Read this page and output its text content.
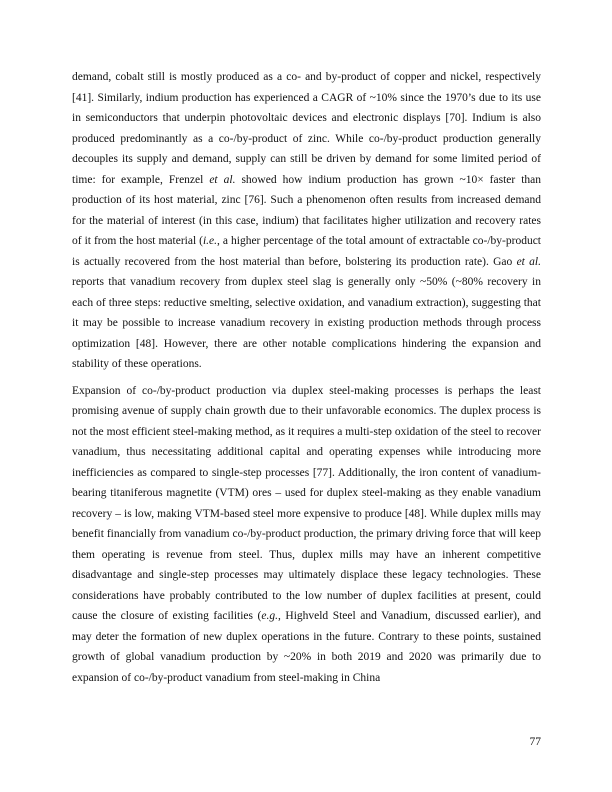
demand, cobalt still is mostly produced as a co- and by-product of copper and nickel, respectively [41]. Similarly, indium production has experienced a CAGR of ~10% since the 1970’s due to its use in semiconductors that underpin photovoltaic devices and electronic displays [70]. Indium is also produced predominantly as a co-/by-product of zinc. While co-/by-product production generally decouples its supply and demand, supply can still be driven by demand for some limited period of time: for example, Frenzel et al. showed how indium production has grown ~10× faster than production of its host material, zinc [76]. Such a phenomenon often results from increased demand for the material of interest (in this case, indium) that facilitates higher utilization and recovery rates of it from the host material (i.e., a higher percentage of the total amount of extractable co-/by-product is actually recovered from the host material than before, bolstering its production rate). Gao et al. reports that vanadium recovery from duplex steel slag is generally only ~50% (~80% recovery in each of three steps: reductive smelting, selective oxidation, and vanadium extraction), suggesting that it may be possible to increase vanadium recovery in existing production methods through process optimization [48]. However, there are other notable complications hindering the expansion and stability of these operations.

Expansion of co-/by-product production via duplex steel-making processes is perhaps the least promising avenue of supply chain growth due to their unfavorable economics. The duplex process is not the most efficient steel-making method, as it requires a multi-step oxidation of the steel to recover vanadium, thus necessitating additional capital and operating expenses while introducing more inefficiencies as compared to single-step processes [77]. Additionally, the iron content of vanadium-bearing titaniferous magnetite (VTM) ores – used for duplex steel-making as they enable vanadium recovery – is low, making VTM-based steel more expensive to produce [48]. While duplex mills may benefit financially from vanadium co-/by-product production, the primary driving force that will keep them operating is revenue from steel. Thus, duplex mills may have an inherent competitive disadvantage and single-step processes may ultimately displace these legacy technologies. These considerations have probably contributed to the low number of duplex facilities at present, could cause the closure of existing facilities (e.g., Highveld Steel and Vanadium, discussed earlier), and may deter the formation of new duplex operations in the future. Contrary to these points, sustained growth of global vanadium production by ~20% in both 2019 and 2020 was primarily due to expansion of co-/by-product vanadium from steel-making in China

77
